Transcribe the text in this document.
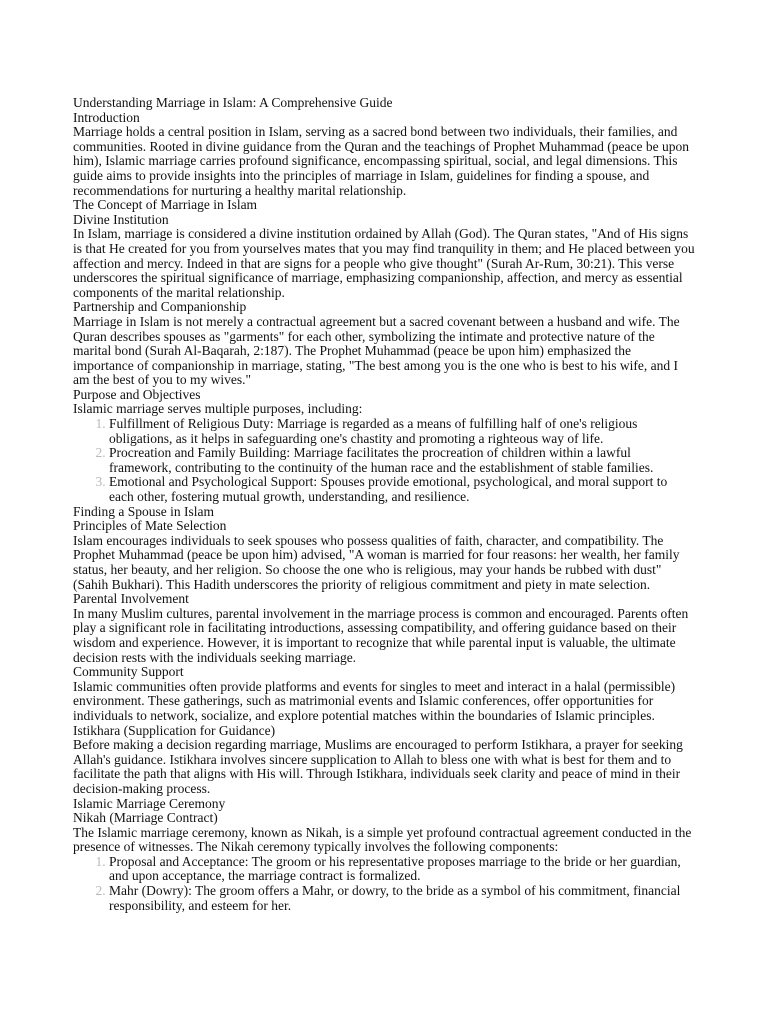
Understanding Marriage in Islam: A Comprehensive Guide
Introduction

Marriage holds a central position in Islam, serving as a sacred bond between two individuals, their families, and communities. Rooted in divine guidance from the Quran and the teachings of Prophet Muhammad (peace be upon him), Islamic marriage carries profound significance, encompassing spiritual, social, and legal dimensions. This guide aims to provide insights into the principles of marriage in Islam, guidelines for finding a spouse, and recommendations for nurturing a healthy marital relationship.

The Concept of Marriage in Islam
Divine Institution

In Islam, marriage is considered a divine institution ordained by Allah (God). The Quran states, "And of His signs is that He created for you from yourselves mates that you may find tranquility in them; and He placed between you affection and mercy. Indeed in that are signs for a people who give thought" (Surah Ar-Rum, 30:21). This verse underscores the spiritual significance of marriage, emphasizing companionship, affection, and mercy as essential components of the marital relationship.

Partnership and Companionship

Marriage in Islam is not merely a contractual agreement but a sacred covenant between a husband and wife. The Quran describes spouses as "garments" for each other, symbolizing the intimate and protective nature of the marital bond (Surah Al-Baqarah, 2:187). The Prophet Muhammad (peace be upon him) emphasized the importance of companionship in marriage, stating, "The best among you is the one who is best to his wife, and I am the best of you to my wives."

Purpose and Objectives

Islamic marriage serves multiple purposes, including:

1. Fulfillment of Religious Duty: Marriage is regarded as a means of fulfilling half of one's religious obligations, as it helps in safeguarding one's chastity and promoting a righteous way of life.
2. Procreation and Family Building: Marriage facilitates the procreation of children within a lawful framework, contributing to the continuity of the human race and the establishment of stable families.
3. Emotional and Psychological Support: Spouses provide emotional, psychological, and moral support to each other, fostering mutual growth, understanding, and resilience.
Finding a Spouse in Islam
Principles of Mate Selection

Islam encourages individuals to seek spouses who possess qualities of faith, character, and compatibility. The Prophet Muhammad (peace be upon him) advised, "A woman is married for four reasons: her wealth, her family status, her beauty, and her religion. So choose the one who is religious, may your hands be rubbed with dust" (Sahih Bukhari). This Hadith underscores the priority of religious commitment and piety in mate selection.

Parental Involvement

In many Muslim cultures, parental involvement in the marriage process is common and encouraged. Parents often play a significant role in facilitating introductions, assessing compatibility, and offering guidance based on their wisdom and experience. However, it is important to recognize that while parental input is valuable, the ultimate decision rests with the individuals seeking marriage.

Community Support

Islamic communities often provide platforms and events for singles to meet and interact in a halal (permissible) environment. These gatherings, such as matrimonial events and Islamic conferences, offer opportunities for individuals to network, socialize, and explore potential matches within the boundaries of Islamic principles.

Istikhara (Supplication for Guidance)

Before making a decision regarding marriage, Muslims are encouraged to perform Istikhara, a prayer for seeking Allah's guidance. Istikhara involves sincere supplication to Allah to bless one with what is best for them and to facilitate the path that aligns with His will. Through Istikhara, individuals seek clarity and peace of mind in their decision-making process.

Islamic Marriage Ceremony
Nikah (Marriage Contract)

The Islamic marriage ceremony, known as Nikah, is a simple yet profound contractual agreement conducted in the presence of witnesses. The Nikah ceremony typically involves the following components:

1. Proposal and Acceptance: The groom or his representative proposes marriage to the bride or her guardian, and upon acceptance, the marriage contract is formalized.
2. Mahr (Dowry): The groom offers a Mahr, or dowry, to the bride as a symbol of his commitment, financial responsibility, and esteem for her.
